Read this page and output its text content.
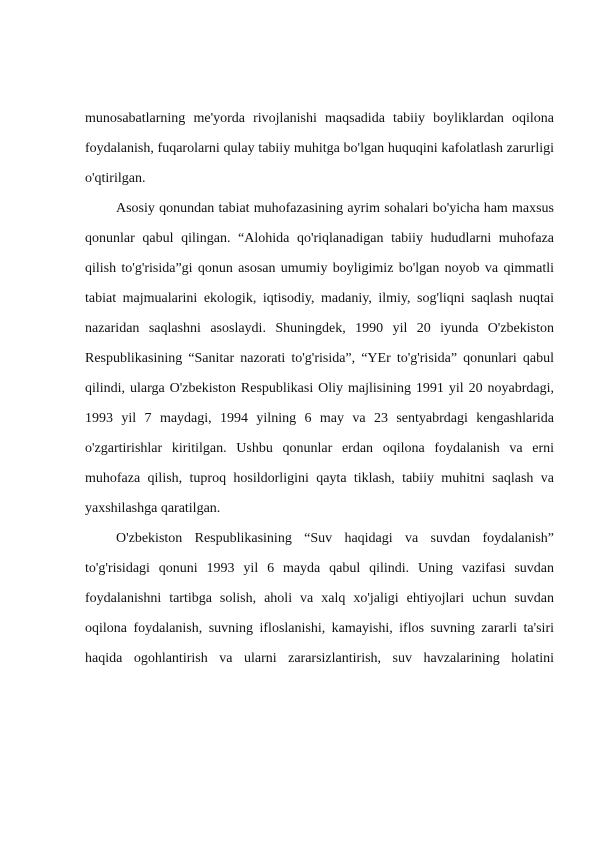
munosabatlarning me'yorda rivojlanishi maqsadida tabiiy boyliklardan oqilona foydalanish, fuqarolarni qulay tabiiy muhitga bo'lgan huquqini kafolatlash zarurligi o'qtirilgan.

Asosiy qonundan tabiat muhofazasining ayrim sohalari bo'yicha ham maxsus qonunlar qabul qilingan. “Alohida qo'riqlanadigan tabiiy hududlarni muhofaza qilish to'g'risida”gi qonun asosan umumiy boyligimiz bo'lgan noyob va qimmatli tabiat majmualarini ekologik, iqtisodiy, madaniy, ilmiy, sog'liqni saqlash nuqtai nazaridan saqlashni asoslaydi. Shuningdek, 1990 yil 20 iyunda O'zbekiston Respublikasining “Sanitar nazorati to'g'risida”, “YEr to'g'risida” qonunlari qabul qilindi, ularga O'zbekiston Respublikasi Oliy majlisining 1991 yil 20 noyabrdagi, 1993 yil 7 maydagi, 1994 yilning 6 may va 23 sentyabrdagi kengashlarida o'zgartirishlar kiritilgan. Ushbu qonunlar erdan oqilona foydalanish va erni muhofaza qilish, tuproq hosildorligini qayta tiklash, tabiiy muhitni saqlash va yaxshilashga qaratilgan.

O'zbekiston Respublikasining “Suv haqidagi va suvdan foydalanish” to'g'risidagi qonuni 1993 yil 6 mayda qabul qilindi. Uning vazifasi suvdan foydalanishni tartibga solish, aholi va xalq xo'jaligi ehtiyojlari uchun suvdan oqilona foydalanish, suvning ifloslanishi, kamayishi, iflos suvning zararli ta'siri haqida ogohlantirish va ularni zararsizlantirish, suv havzalarining holatini
